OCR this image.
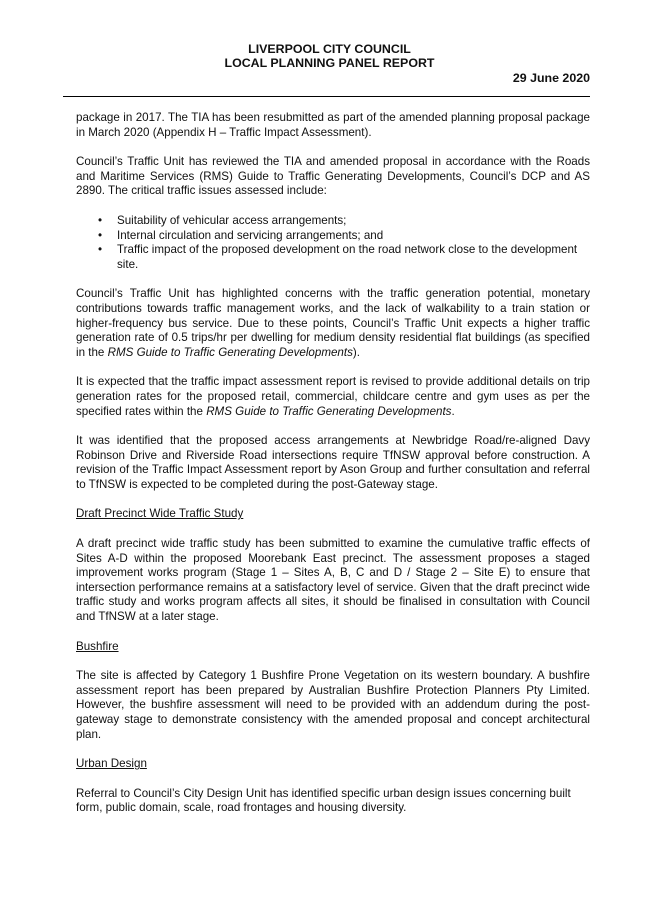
LIVERPOOL CITY COUNCIL
LOCAL PLANNING PANEL REPORT
29 June 2020

package in 2017. The TIA has been resubmitted as part of the amended planning proposal package in March 2020 (Appendix H – Traffic Impact Assessment).

Council’s Traffic Unit has reviewed the TIA and amended proposal in accordance with the Roads and Maritime Services (RMS) Guide to Traffic Generating Developments, Council’s DCP and AS 2890. The critical traffic issues assessed include:

• Suitability of vehicular access arrangements;
• Internal circulation and servicing arrangements; and
• Traffic impact of the proposed development on the road network close to the development site.

Council’s Traffic Unit has highlighted concerns with the traffic generation potential, monetary contributions towards traffic management works, and the lack of walkability to a train station or higher-frequency bus service. Due to these points, Council’s Traffic Unit expects a higher traffic generation rate of 0.5 trips/hr per dwelling for medium density residential flat buildings (as specified in the RMS Guide to Traffic Generating Developments).

It is expected that the traffic impact assessment report is revised to provide additional details on trip generation rates for the proposed retail, commercial, childcare centre and gym uses as per the specified rates within the RMS Guide to Traffic Generating Developments.

It was identified that the proposed access arrangements at Newbridge Road/re-aligned Davy Robinson Drive and Riverside Road intersections require TfNSW approval before construction. A revision of the Traffic Impact Assessment report by Ason Group and further consultation and referral to TfNSW is expected to be completed during the post-Gateway stage.

Draft Precinct Wide Traffic Study

A draft precinct wide traffic study has been submitted to examine the cumulative traffic effects of Sites A-D within the proposed Moorebank East precinct. The assessment proposes a staged improvement works program (Stage 1 – Sites A, B, C and D / Stage 2 – Site E) to ensure that intersection performance remains at a satisfactory level of service. Given that the draft precinct wide traffic study and works program affects all sites, it should be finalised in consultation with Council and TfNSW at a later stage.

Bushfire

The site is affected by Category 1 Bushfire Prone Vegetation on its western boundary. A bushfire assessment report has been prepared by Australian Bushfire Protection Planners Pty Limited. However, the bushfire assessment will need to be provided with an addendum during the post-gateway stage to demonstrate consistency with the amended proposal and concept architectural plan.

Urban Design

Referral to Council’s City Design Unit has identified specific urban design issues concerning built form, public domain, scale, road frontages and housing diversity.
